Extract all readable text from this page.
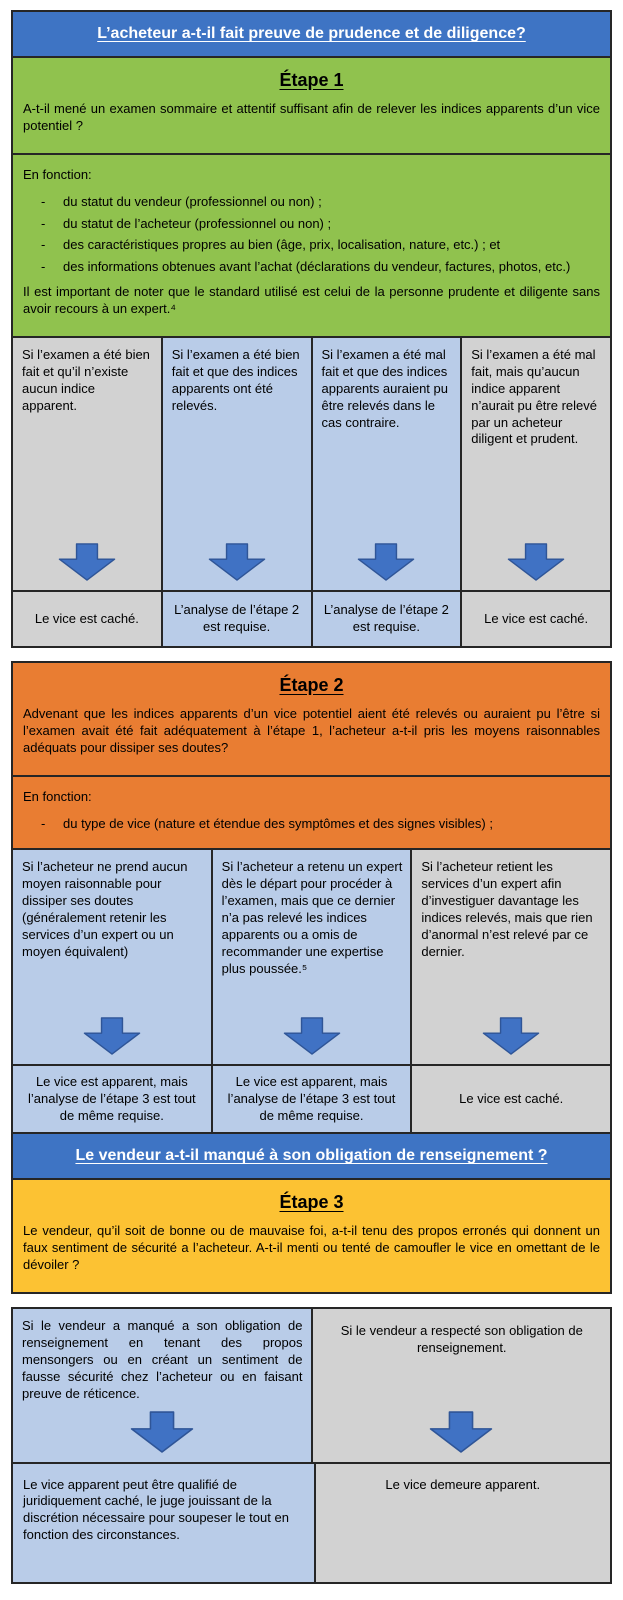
L’acheteur a-t-il fait preuve de prudence et de diligence?
Étape 1

A-t-il mené un examen sommaire et attentif suffisant afin de relever les indices apparents d’un vice potentiel ?

En fonction:

- du statut du vendeur (professionnel ou non) ;
- du statut de l’acheteur (professionnel ou non) ;
- des caractéristiques propres au bien (âge, prix, localisation, nature, etc.) ; et
- des informations obtenues avant l’achat (déclarations du vendeur, factures, photos, etc.)

Il est important de noter que le standard utilisé est celui de la personne prudente et diligente sans avoir recours à un expert.⁴

Si l’examen a été bien fait et qu’il n’existe aucun indice apparent.
Si l’examen a été bien fait et que des indices apparents ont été relevés.
Si l’examen a été mal fait et que des indices apparents auraient pu être relevés dans le cas contraire.
Si l’examen a été mal fait, mais qu’aucun indice apparent n’aurait pu être relevé par un acheteur diligent et prudent.
Le vice est caché.
L’analyse de l’étape 2 est requise.
L’analyse de l’étape 2 est requise.
Le vice est caché.
Étape 2

Advenant que les indices apparents d’un vice potentiel aient été relevés ou auraient pu l’être si l’examen avait été fait adéquatement à l’étape 1, l’acheteur a-t-il pris les moyens raisonnables adéquats pour dissiper ses doutes?

En fonction:

- du type de vice (nature et étendue des symptômes et des signes visibles) ;
Si l’acheteur ne prend aucun moyen raisonnable pour dissiper ses doutes (généralement retenir les services d’un expert ou un moyen équivalent)
Si l’acheteur a retenu un expert dès le départ pour procéder à l’examen, mais que ce dernier n’a pas relevé les indices apparents ou a omis de recommander une expertise plus poussée.⁵
Si l’acheteur retient les services d’un expert afin d’investiguer davantage les indices relevés, mais que rien d’anormal n’est relevé par ce dernier.
Le vice est apparent, mais l’analyse de l’étape 3 est tout de même requise.
Le vice est apparent, mais l’analyse de l’étape 3 est tout de même requise.
Le vice est caché.
Le vendeur a-t-il manqué à son obligation de renseignement ?
Étape 3

Le vendeur, qu’il soit de bonne ou de mauvaise foi, a-t-il tenu des propos erronés qui donnent un faux sentiment de sécurité a l’acheteur. A-t-il menti ou tenté de camoufler le vice en omettant de le dévoiler ?

Si le vendeur a manqué a son obligation de renseignement en tenant des propos mensongers ou en créant un sentiment de fausse sécurité chez l’acheteur ou en faisant preuve de réticence.
Si le vendeur a respecté son obligation de renseignement.
Le vice apparent peut être qualifié de juridiquement caché, le juge jouissant de la discrétion nécessaire pour soupeser le tout en fonction des circonstances.
Le vice demeure apparent.
